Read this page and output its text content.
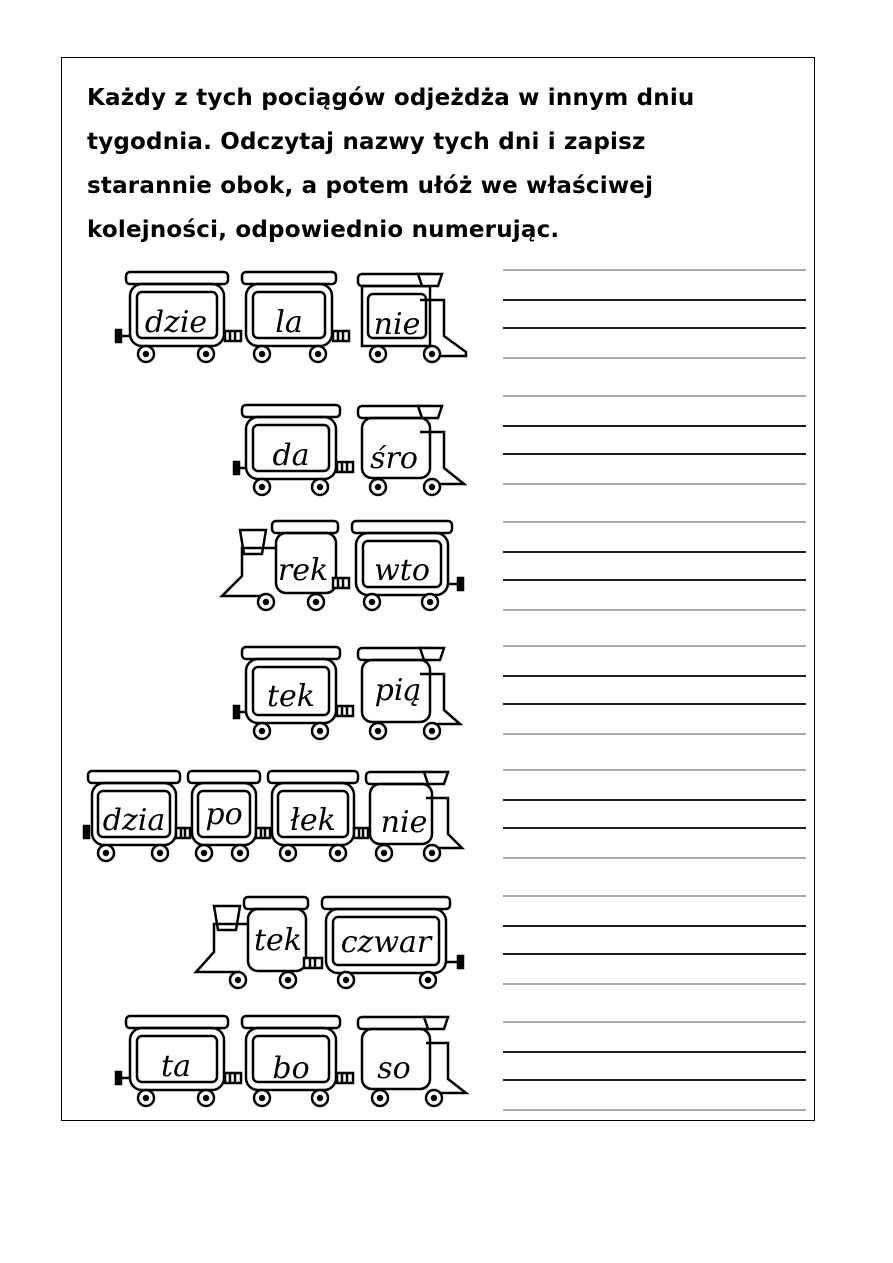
Każdy z tych pociągów odjeżdża w innym dniu tygodnia. Odczytaj nazwy tych dni i zapisz starannie obok, a potem ułóż we właściwej kolejności, odpowiednio numerując.

dzie la nie
da śro
rek wto
tek pią
dzia po łek nie
tek czwar
ta	bo so
